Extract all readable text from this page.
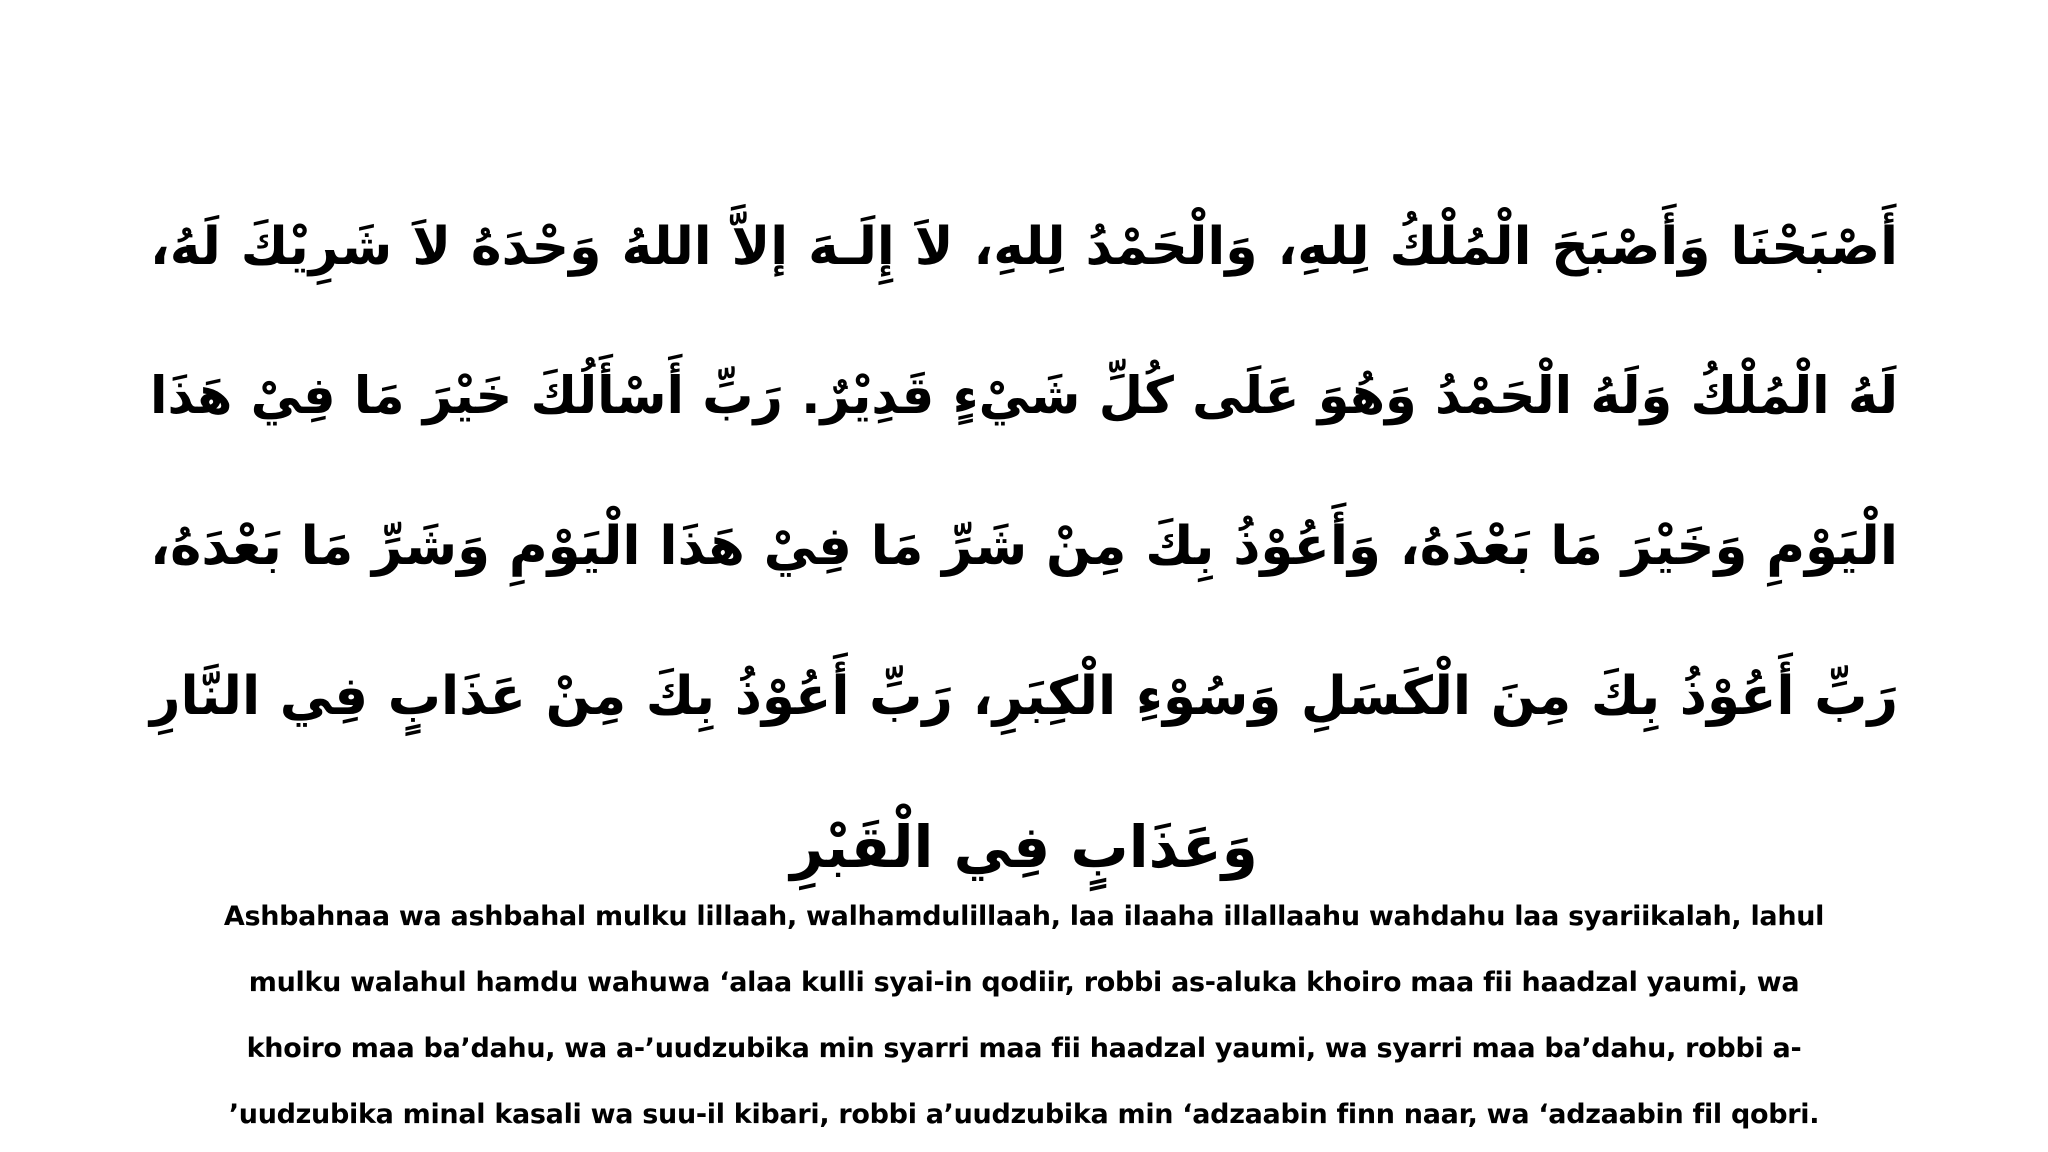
أَصْبَحْنَا وَأَصْبَحَ الْمُلْكُ لِلهِ، وَالْحَمْدُ لِلهِ، لاَ إِلَـهَ إلاَّ اللهُ وَحْدَهُ لاَ شَرِيْكَ لَهُ،
لَهُ الْمُلْكُ وَلَهُ الْحَمْدُ وَهُوَ عَلَى كُلِّ شَيْءٍ قَدِيْرٌ. رَبِّ أَسْأَلُكَ خَيْرَ مَا فِيْ هَذَا
الْيَوْمِ وَخَيْرَ مَا بَعْدَهُ، وَأَعُوْذُ بِكَ مِنْ شَرِّ مَا فِيْ هَذَا الْيَوْمِ وَشَرِّ مَا بَعْدَهُ،
رَبِّ أَعُوْذُ بِكَ مِنَ الْكَسَلِ وَسُوْءِ الْكِبَرِ، رَبِّ أَعُوْذُ بِكَ مِنْ عَذَابٍ فِي النَّارِ
وَعَذَابٍ فِي الْقَبْرِ
Ashbahnaa wa ashbahal mulku lillaah, walhamdulillaah, laa ilaaha illallaahu wahdahu laa syariikalah, lahul
mulku walahul hamdu wahuwa ‘alaa kulli syai-in qodiir, robbi as-aluka khoiro maa fii haadzal yaumi, wa
khoiro maa ba’dahu, wa a-’uudzubika min syarri maa fii haadzal yaumi, wa syarri maa ba’dahu, robbi a-
’uudzubika minal kasali wa suu-il kibari, robbi a’uudzubika min ‘adzaabin finn naar, wa ‘adzaabin fil qobri.
